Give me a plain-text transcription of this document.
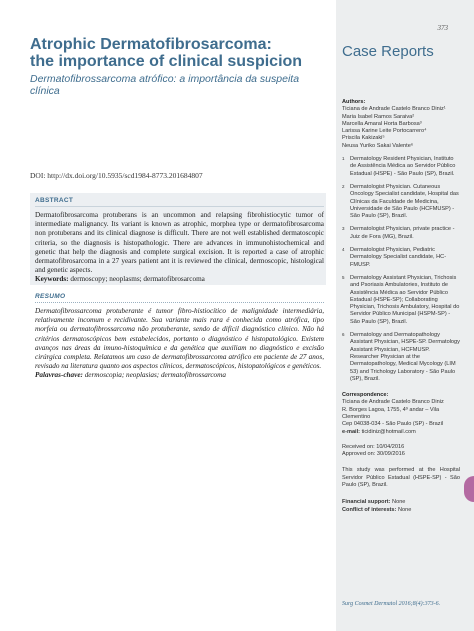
373
Case Reports
Atrophic Dermatofibrosarcoma:
the importance of clinical suspicion
Dermatofibrossarcoma atrófico: a importância da suspeita clínica
DOI: http://dx.doi.org/10.5935/scd1984-8773.201684807
ABSTRACT
Dermatofibrosarcoma protuberans is an uncommon and relapsing fibrohistiocytic tumor of intermediate malignancy. Its variant is known as atrophic, morphea type or dermatofibrosarcoma non protuberans and its clinical diagnose is difficult. There are not well established dermatoscopic criteria, so the diagnosis is histopathologic. There are advances in immunohistochemical and genetic that help the diagnosis and complete surgical excision. It is reported a case of atrophic dermatofibrosarcoma in a 27 years patient ant it is reviewed the clinical, dermoscopic, histological and genetic aspects.
Keywords: dermoscopy; neoplasms; dermatofibrosarcoma
RESUMO
Dermatofibrossarcoma protuberante é tumor fibro-histiocítico de malignidade intermediária, relativamente incomum e recidivante. Sua variante mais rara é conhecida como atrófica, tipo morfeia ou dermatofibrossarcoma não protuberante, sendo de difícil diagnóstico clínico. Não há critérios dermatoscópicos bem estabelecidos, portanto o diagnóstico é histopatológico. Existem avanços nas áreas da imuno-histoquímica e da genética que auxiliam no diagnóstico e excisão cirúrgica completa. Relatamos um caso de dermatofibrossarcoma atrófico em paciente de 27 anos, revisado na literatura quanto aos aspectos clínicos, dermatoscópicos, histopatológicos e genéticos.
Palavras-chave: dermoscopia; neoplasias; dermatofibrossarcoma
Authors:
Ticiana de Andrade Castelo Branco Diniz¹
Maria Isabel Ramos Saraiva²
Marcella Amaral Horta Barbosa³
Larissa Karine Leite Portocarrero⁴
Priscila Kakizaki⁵
Neusa Yuriko Sakai Valente⁶
1 Dermatology Resident Physician, Instituto de Assistência Médica ao Servidor Público Estadual (HSPE) - São Paulo (SP), Brazil.
2 Dermatologist Physician. Cutaneous Oncology Specialist candidate, Hospital das Clínicas da Faculdade de Medicina, Universidade de São Paulo (HCFMUSP) - São Paulo (SP), Brazil.
3 Dermatologist Physician, private practice - Juiz de Fora (MG), Brazil.
4 Dermatologist Physician, Pediatric Dermatology Specialist candidate, HC-FMUSP.
5 Dermatology Assistant Physician, Trichosis and Psoriasis Ambulatories, Instituto de Assistência Médica ao Servidor Público Estadual (HSPE-SP); Collaborating Physician, Trichosis Ambulatory, Hospital do Servidor Público Municipal (HSPM-SP) - São Paulo (SP), Brazil.
6 Dermatology and Dermatopathology Assistant Physician, HSPE-SP. Dermatology Assistant Physician, HCFMUSP. Researcher Physician at the Dermatopathology, Medical Mycology (LIM 53) and Trichology Laboratory - São Paulo (SP), Brazil.
Correspondence:
Ticiana de Andrade Castelo Branco Diniz
R. Borges Lagoa, 1755, 4º andar – Vila Clementino
Cep 04038-034 - São Paulo (SP) - Brazil
e-mail: ticidiniz@hotmail.com
Received on: 10/04/2016
Approved on: 30/09/2016
This study was performed at the Hospital Servidor Público Estadual (HSPE-SP) - São Paulo (SP), Brazil.
Financial support: None
Conflict of interests: None
Surg Cosmet Dermatol 2016;8(4):373-6.
